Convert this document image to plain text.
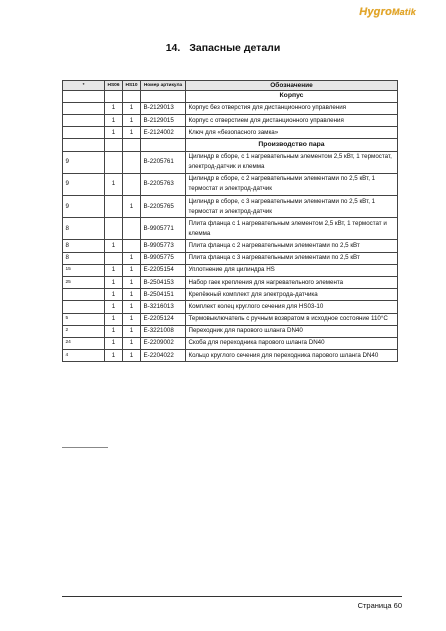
HygroMatik
14. Запасные детали
*	HS06	HS10	Номер артикула	Обозначение
				Корпус
	1	1	B-2129013	Корпус без отверстия для дистанционного управления
	1	1	B-2129015	Корпус с отверстием для дистанционного управления
	1	1	E-2124002	Ключ для «безопасного замка»
				Производство пара
9			B-2205761	Цилиндр в сборе, с 1 нагревательным элементом 2,5 кВт, 1 термостат, электрод-датчик и клемма
9	1		B-2205763	Цилиндр в сборе, с 2 нагревательными элементами по 2,5 кВт, 1 термостат и электрод-датчик
9		1	B-2205765	Цилиндр в сборе, с 3 нагревательными элементами по 2,5 кВт, 1 термостат и электрод-датчик
8			B-9905771	Плита фланца с 1 нагревательным элементом 2,5 кВт, 1 термостат и клемма
8	1		B-9905773	Плита фланца с 2 нагревательными элементами по 2,5 кВт
8		1	B-9905775	Плита фланца с 3 нагревательными элементами по 2,5 кВт
15	1	1	E-2205154	Уплотнение для цилиндра HS
25	1	1	B-2504153	Набор гаек крепления для нагревательного элемента
	1	1	B-2504151	Крепёжный комплект для электрода-датчика
	1	1	B-3216013	Комплект колец круглого сечения для HS03-10
5	1	1	E-2205124	Термовыключатель с ручным возвратом в исходное состояние 110°C
2	1	1	E-3221008	Переходник для парового шланга DN40
24	1	1	E-2209002	Скоба для переходника парового шланга DN40
4	1	1	E-2204022	Кольцо круглого сечения для переходника парового шланга DN40
Страница 60
